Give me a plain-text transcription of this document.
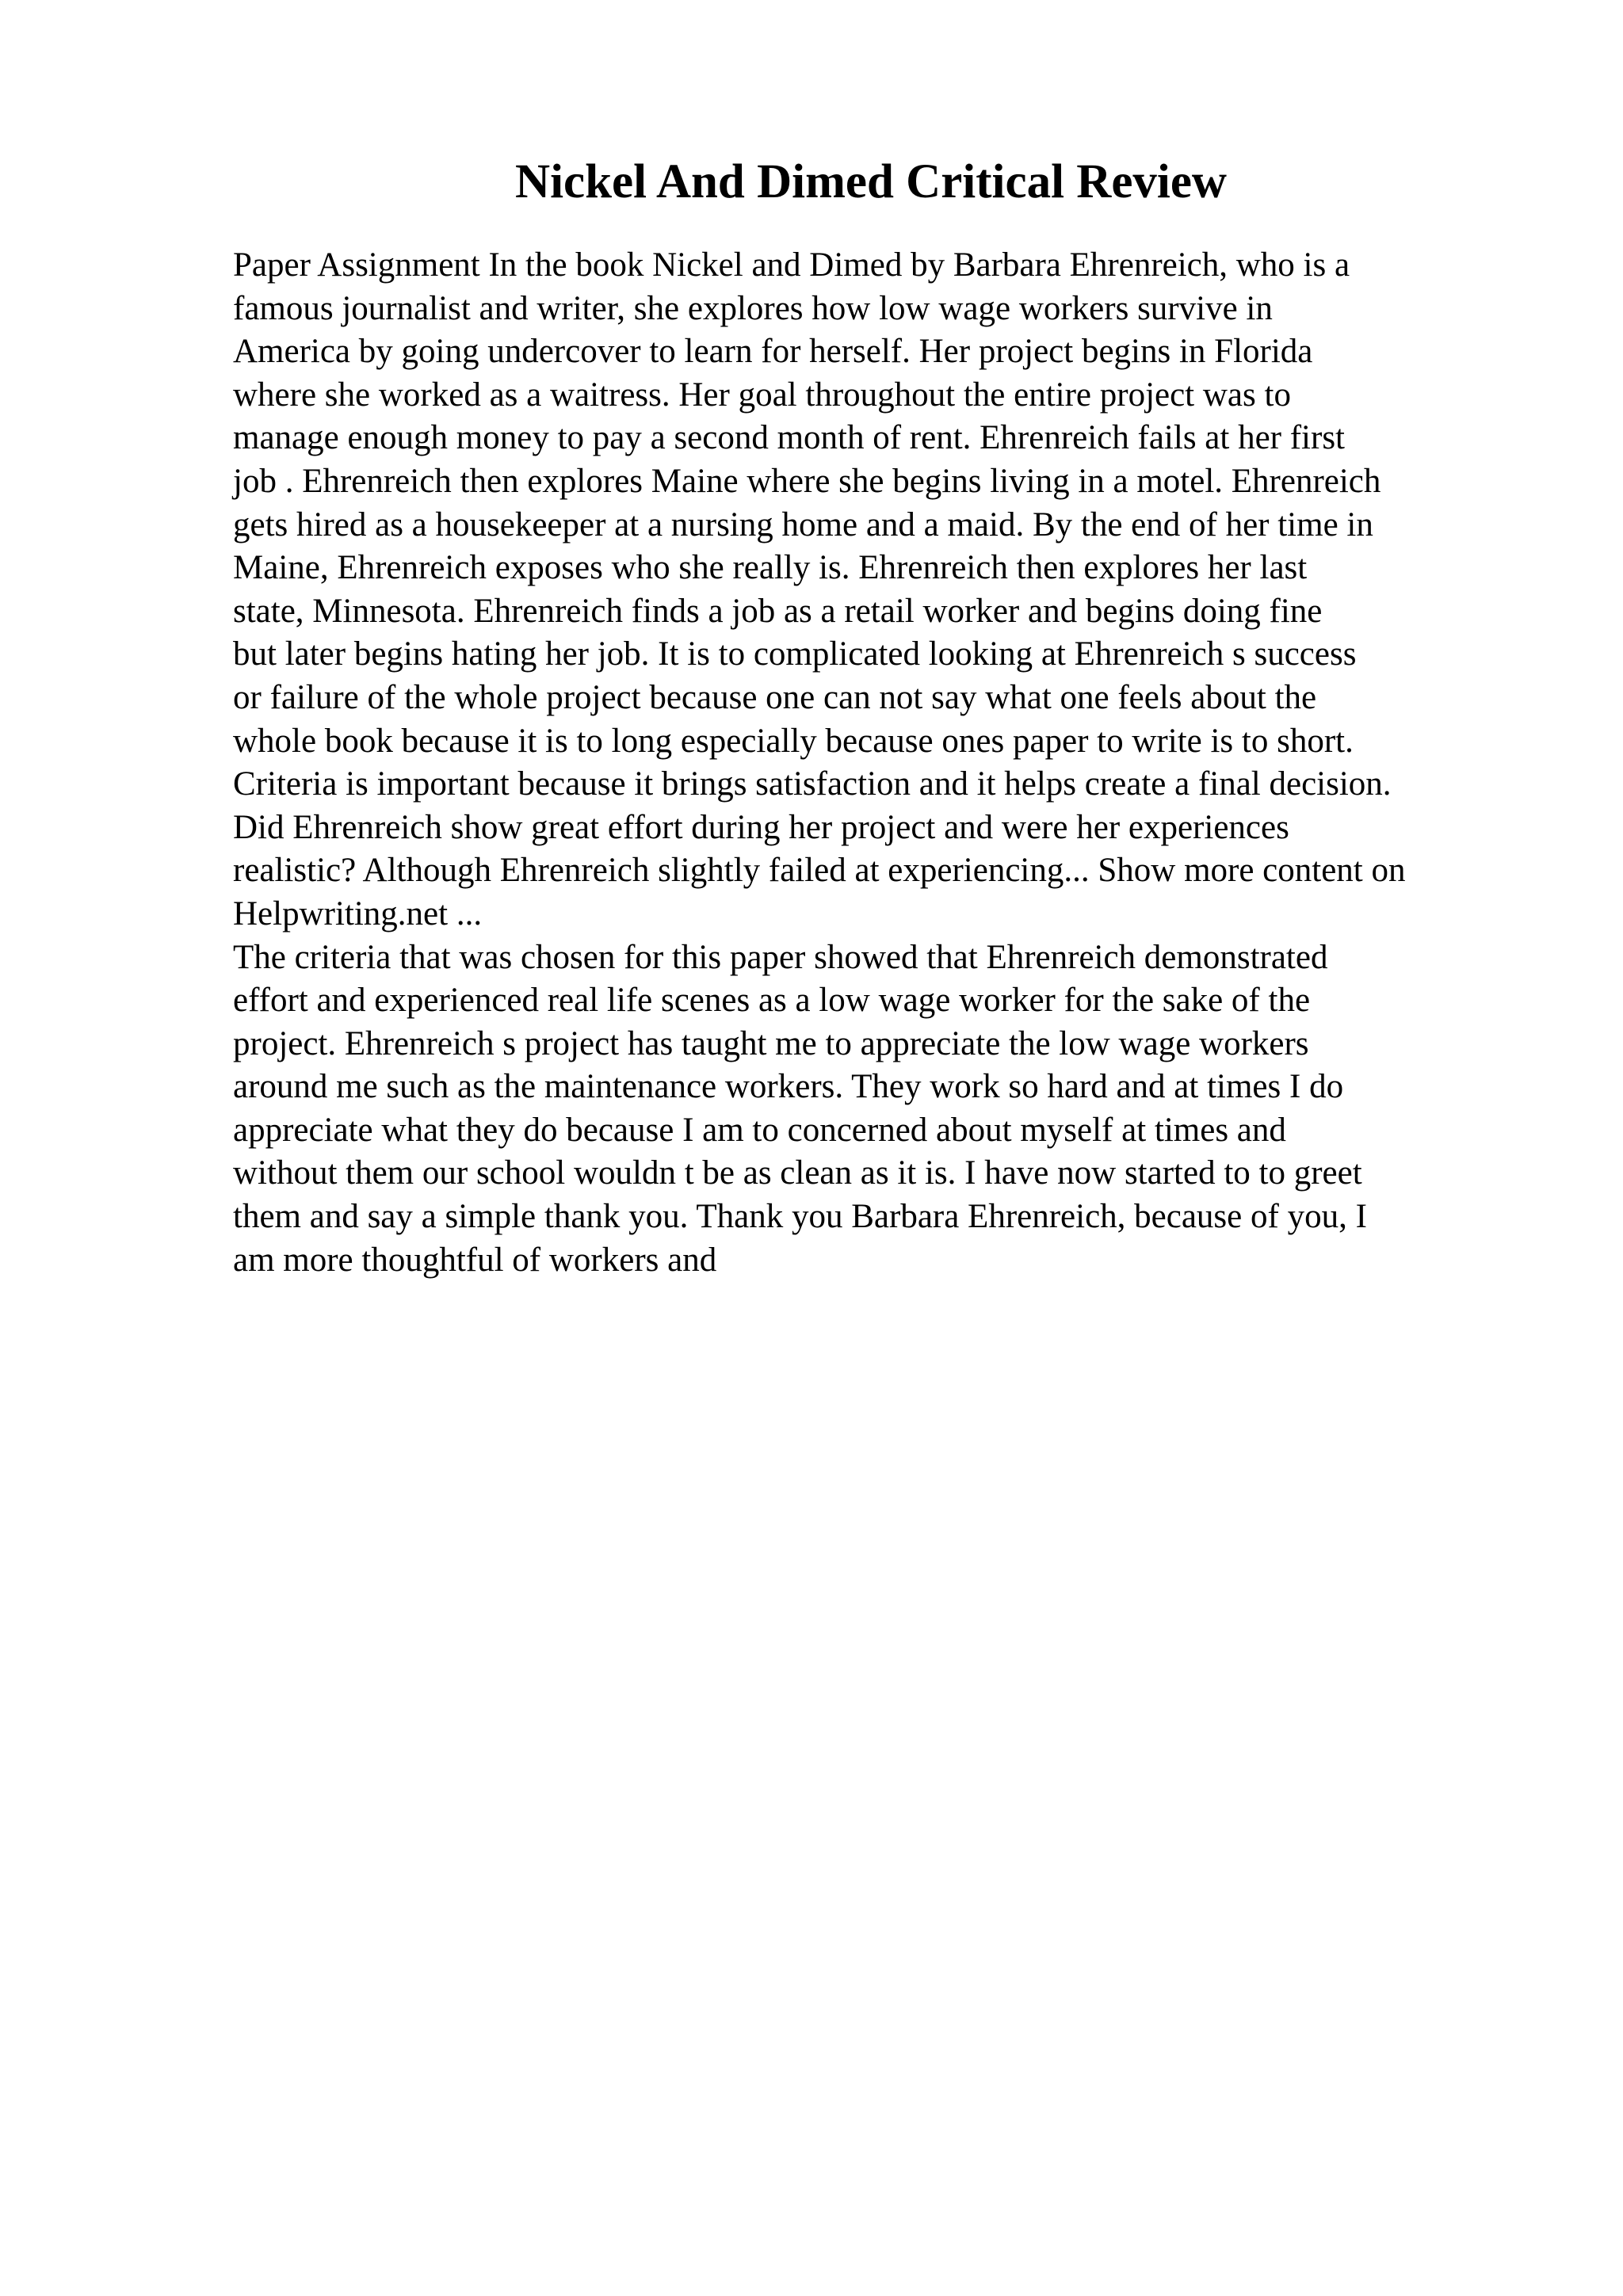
Nickel And Dimed Critical Review
Paper Assignment In the book Nickel and Dimed by Barbara Ehrenreich, who is a
famous journalist and writer, she explores how low wage workers survive in
America by going undercover to learn for herself. Her project begins in Florida
where she worked as a waitress. Her goal throughout the entire project was to
manage enough money to pay a second month of rent. Ehrenreich fails at her first
job . Ehrenreich then explores Maine where she begins living in a motel. Ehrenreich
gets hired as a housekeeper at a nursing home and a maid. By the end of her time in
Maine, Ehrenreich exposes who she really is. Ehrenreich then explores her last
state, Minnesota. Ehrenreich finds a job as a retail worker and begins doing fine
but later begins hating her job. It is to complicated looking at Ehrenreich s success
or failure of the whole project because one can not say what one feels about the
whole book because it is to long especially because ones paper to write is to short.
Criteria is important because it brings satisfaction and it helps create a final decision.
Did Ehrenreich show great effort during her project and were her experiences
realistic? Although Ehrenreich slightly failed at experiencing... Show more content on
Helpwriting.net ...
The criteria that was chosen for this paper showed that Ehrenreich demonstrated
effort and experienced real life scenes as a low wage worker for the sake of the
project. Ehrenreich s project has taught me to appreciate the low wage workers
around me such as the maintenance workers. They work so hard and at times I do
appreciate what they do because I am to concerned about myself at times and
without them our school wouldn t be as clean as it is. I have now started to to greet
them and say a simple thank you. Thank you Barbara Ehrenreich, because of you, I
am more thoughtful of workers and
